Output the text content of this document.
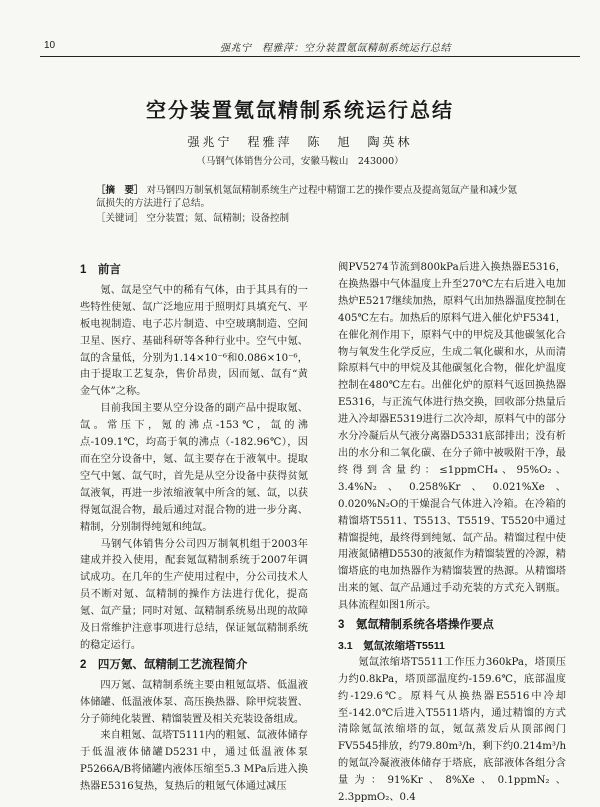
10	强兆宁　程雅萍：空分装置氪氙精制系统运行总结
空分装置氪氙精制系统运行总结
强兆宁　程雅萍　陈　旭　陶英林
（马钢气体销售分公司，安徽马鞍山　243000）
［摘　要］ 对马钢四万制氧机氪氙精制系统生产过程中精馏工艺的操作要点及提高氪氙产量和减少氪氙损失的方法进行了总结。
［关键词］ 空分装置；氪、氙精制；设备控制
1　前言

氪、氙是空气中的稀有气体，由于其具有的一些特性使氪、氙广泛地应用于照明灯具填充气、平板电视制造、电子芯片制造、中空玻璃制造、空间卫星、医疗、基础科研等各种行业中。空气中氪、氙的含量低，分别为1.14×10⁻⁶和0.086×10⁻⁶，由于提取工艺复杂，售价昂贵，因而氪、氙有“黄金气体”之称。

目前我国主要从空分设备的副产品中提取氪、氙。常压下，氪的沸点-153℃，氙的沸点-109.1℃，均高于氧的沸点（-182.96℃），因而在空分设备中，氪、氙主要存在于液氧中。提取空气中氪、氙气时，首先是从空分设备中获得贫氪氙液氧，再进一步浓缩液氧中所含的氪、氙，以获得氪氙混合物，最后通过对混合物的进一步分离、精制，分别制得纯氪和纯氙。

马钢气体销售分公司四万制氧机组于2003年建成并投入使用，配套氪氙精制系统于2007年调试成功。在几年的生产使用过程中，分公司技术人员不断对氪、氙精制的操作方法进行优化，提高氪、氙产量；同时对氪、氙精制系统易出现的故障及日常维护注意事项进行总结，保证氪氙精制系统的稳定运行。

2　四万氪、氙精制工艺流程简介

四万氪、氙精制系统主要由粗氪氙塔、低温液体储罐、低温液体泵、高压换热器、除甲烷装置、分子筛纯化装置、精馏装置及相关充装设备组成。

来自粗氪、氙塔T5111内的粗氪、氙液体储存于低温液体储罐D5231中，通过低温液体泵P5266A/B将储罐内液体压缩至5.3 MPa后进入换热器E5316复热，复热后的粗氪气体通过减压

阀PV5274节流到800kPa后进入换热器E5316，在换热器中气体温度上升至270℃左右后进入电加热炉E5217继续加热，原料气出加热器温度控制在405℃左右。加热后的原料气进入催化炉F5341，在催化剂作用下，原料气中的甲烷及其他碳氢化合物与氧发生化学反应，生成二氧化碳和水，从而清除原料气中的甲烷及其他碳氢化合物，催化炉温度控制在480℃左右。出催化炉的原料气返回换热器E5316，与正流气体进行热交换，回收部分热量后进入冷却器E5319进行二次冷却，原料气中的部分水分冷凝后从气液分离器D5331底部排出；没有析出的水分和二氧化碳、在分子筛中被吸附干净，最终得到含量约：≤1ppmCH₄、95%O₂、3.4%N₂、0.258%Kr、0.021%Xe、0.020%N₂O的干燥混合气体进入冷箱。在冷箱的精馏塔T5511、T5513、T5519、T5520中通过精馏提纯，最终得到纯氪、氙产品。精馏过程中使用液氮储槽D5530的液氮作为精馏装置的冷源，精馏塔底的电加热器作为精馏装置的热源。从精馏塔出来的氪、氙产品通过手动充装的方式充入钢瓶。具体流程如图1所示。

3　氪氙精制系统各塔操作要点
3.1　氪氙浓缩塔T5511

氪氙浓缩塔T5511工作压力360kPa，塔顶压力约0.8kPa，塔顶部温度约-159.6℃，底部温度约-129.6℃。原料气从换热器E5516中冷却至-142.0℃后进入T5511塔内，通过精馏的方式清除氪氙浓缩塔的氙，氪氙蒸发后从顶部阀门FV5545排放，约79.80m³/h，剩下约0.214m³/h的氪氙冷凝液液体储存于塔底，底部液体各组分含量为：91%Kr、8%Xe、0.1ppmN₂、2.3ppmO₂、0.4
